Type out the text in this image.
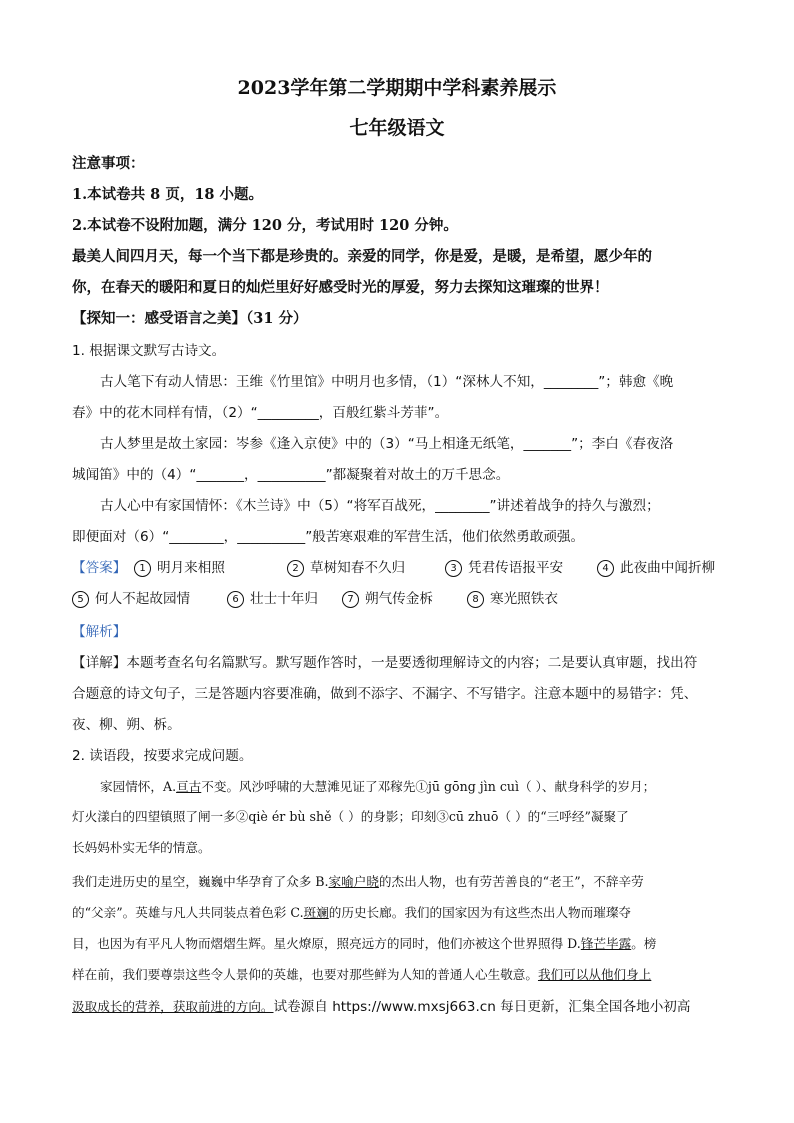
2023学年第二学期期中学科素养展示
七年级语文
注意事项：
1.本试卷共 8 页，18 小题。
2.本试卷不设附加题，满分 120 分，考试用时 120 分钟。
最美人间四月天，每一个当下都是珍贵的。亲爱的同学，你是爱，是暖，是希望，愿少年的
你，在春天的暖阳和夏日的灿烂里好好感受时光的厚爱，努力去探知这璀璨的世界！
【探知一：感受语言之美】（31 分）
1. 根据课文默写古诗文。
古人笔下有动人情思：王维《竹里馆》中明月也多情，（1）“深林人不知，________”；韩愈《晚
春》中的花木同样有情，（2）“_________，百般红紫斗芳菲”。
古人梦里是故土家园：岑参《逢入京使》中的（3）“马上相逢无纸笔，_______”；李白《春夜洛
城闻笛》中的（4）“_______，__________”都凝聚着对故土的万千思念。
古人心中有家国情怀：《木兰诗》中（5）“将军百战死，________”讲述着战争的持久与激烈；
即便面对（6）“________，__________”般苦寒艰难的军营生活，他们依然勇敢顽强。
【答案】	1 明月来相照	2 草树知春不久归	3 凭君传语报平安	4 此夜曲中闻折柳
5 何人不起故园情	6 壮士十年归	7 朔气传金柝	8 寒光照铁衣
【解析】
【详解】本题考查名句名篇默写。默写题作答时，一是要透彻理解诗文的内容；二是要认真审题，找出符
合题意的诗文句子，三是答题内容要准确，做到不添字、不漏字、不写错字。注意本题中的易错字：凭、
夜、柳、朔、柝。
2. 读语段，按要求完成问题。
家园情怀，A.亘古不变。风沙呼啸的大慧滩见证了邓稼先①jū gōng jìn cuì（ ）、献身科学的岁月；
灯火漾白的四望镇照了闸一多②qiè ér bù shě（ ）的身影；印刻③cū zhuō（ ）的“三呼经”凝聚了
长妈妈朴实无华的情意。
我们走进历史的星空，巍巍中华孕育了众多 B.家喻户晓的杰出人物，也有劳苦善良的“老王”，不辞辛劳
的“父亲”。英雄与凡人共同装点着色彩 C.斑斓的历史长廊。我们的国家因为有这些杰出人物而璀璨夺
目，也因为有平凡人物而熠熠生辉。星火燎原，照亮远方的同时，他们亦被这个世界照得 D.锋芒毕露。榜
样在前，我们要尊崇这些令人景仰的英雄，也要对那些鲜为人知的普通人心生敬意。我们可以从他们身上
汲取成长的营养，获取前进的方向。试卷源自 https://www.mxsj663.cn 每日更新，汇集全国各地小初高
